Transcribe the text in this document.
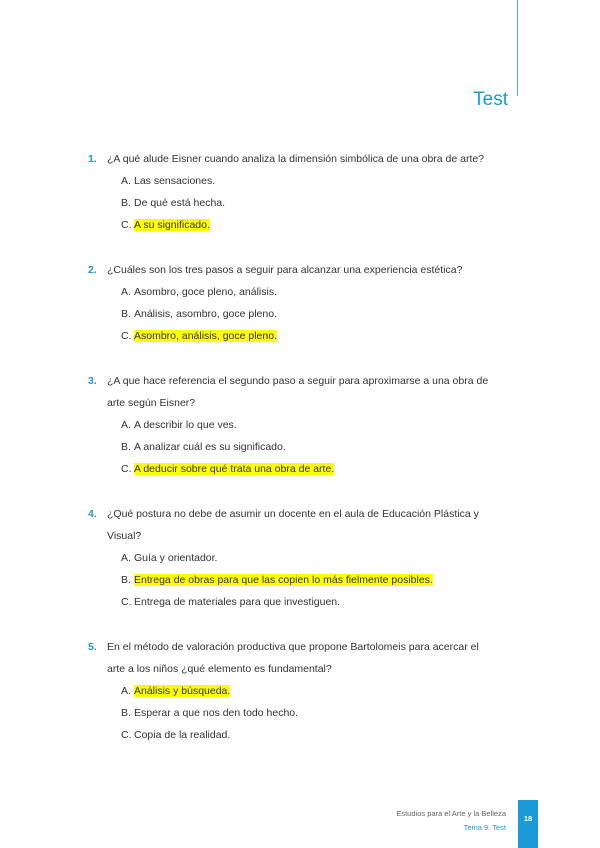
Test
1. ¿A qué alude Eisner cuando analiza la dimensión simbólica de una obra de arte?
A. Las sensaciones.
B. De qué está hecha.
C. A su significado.
2. ¿Cuáles son los tres pasos a seguir para alcanzar una experiencia estética?
A. Asombro, goce pleno, análisis.
B. Análisis, asombro, goce pleno.
C. Asombro, análisis, goce pleno.
3. ¿A que hace referencia el segundo paso a seguir para aproximarse a una obra de
arte según Eisner?
A. A describir lo que ves.
B. A analizar cuál es su significado.
C. A deducir sobre qué trata una obra de arte.
4. ¿Qué postura no debe de asumir un docente en el aula de Educación Plástica y
Visual?
A. Guía y orientador.
B. Entrega de obras para que las copien lo más fielmente posibles.
C. Entrega de materiales para que investiguen.
5. En el método de valoración productiva que propone Bartolomeis para acercar el
arte a los niños ¿qué elemento es fundamental?
A. Análisis y búsqueda.
B. Esperar a que nos den todo hecho.
C. Copia de la realidad.
Estudios para el Arte y la Belleza
Tema 9. Test
18
